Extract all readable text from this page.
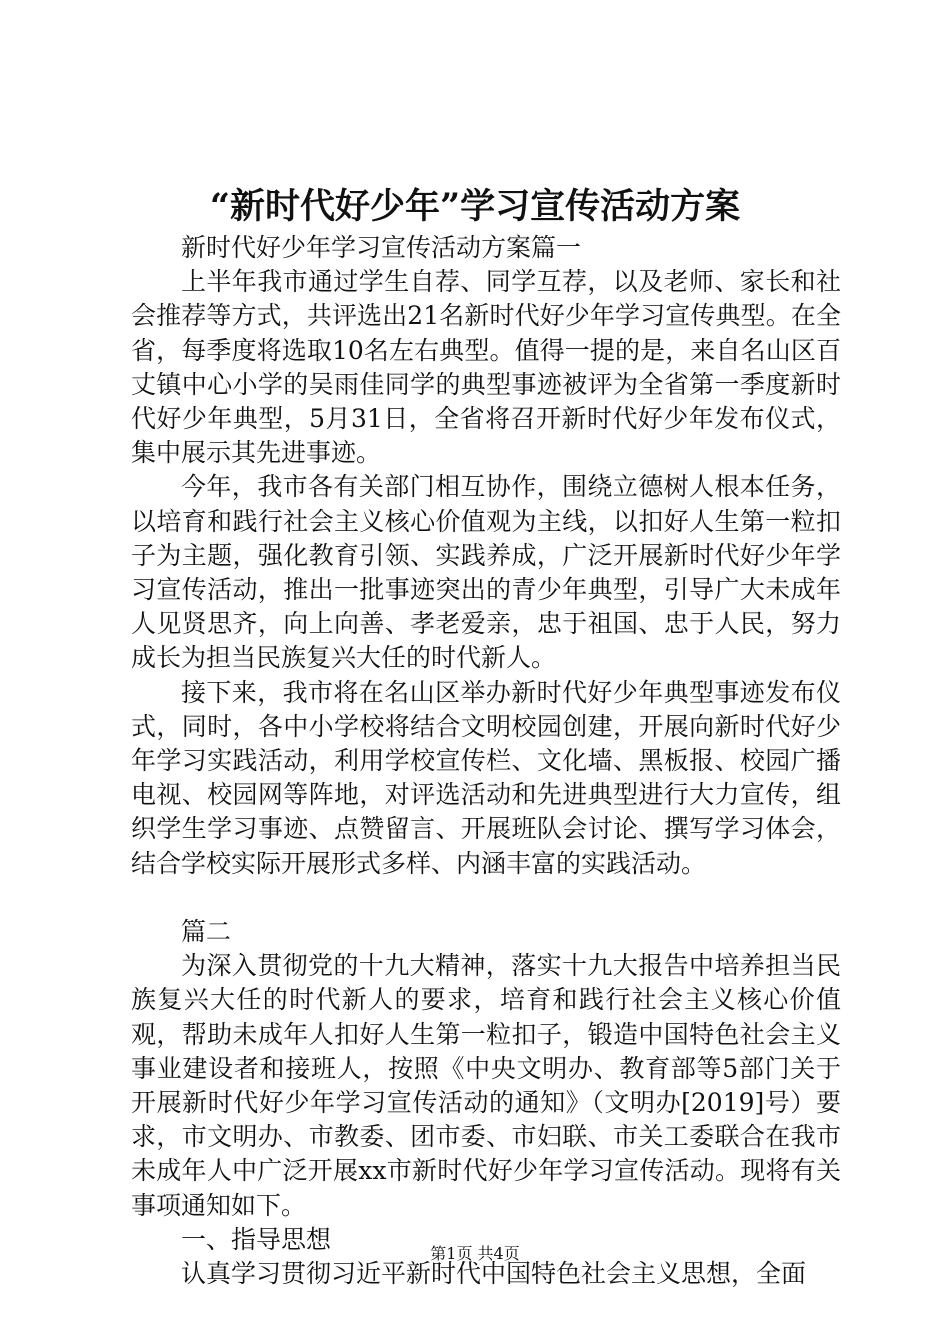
“新时代好少年”学习宣传活动方案

新时代好少年学习宣传活动方案篇一

上半年我市通过学生自荐、同学互荐，以及老师、家长和社会推荐等方式，共评选出21名新时代好少年学习宣传典型。在全省，每季度将选取10名左右典型。值得一提的是，来自名山区百丈镇中心小学的吴雨佳同学的典型事迹被评为全省第一季度新时代好少年典型，5月31日，全省将召开新时代好少年发布仪式，集中展示其先进事迹。

今年，我市各有关部门相互协作，围绕立德树人根本任务，以培育和践行社会主义核心价值观为主线，以扣好人生第一粒扣子为主题，强化教育引领、实践养成，广泛开展新时代好少年学习宣传活动，推出一批事迹突出的青少年典型，引导广大未成年人见贤思齐，向上向善、孝老爱亲，忠于祖国、忠于人民，努力成长为担当民族复兴大任的时代新人。

接下来，我市将在名山区举办新时代好少年典型事迹发布仪式，同时，各中小学校将结合文明校园创建，开展向新时代好少年学习实践活动，利用学校宣传栏、文化墙、黑板报、校园广播电视、校园网等阵地，对评选活动和先进典型进行大力宣传，组织学生学习事迹、点赞留言、开展班队会讨论、撰写学习体会，结合学校实际开展形式多样、内涵丰富的实践活动。

篇二

为深入贯彻党的十九大精神，落实十九大报告中培养担当民族复兴大任的时代新人的要求，培育和践行社会主义核心价值观，帮助未成年人扣好人生第一粒扣子，锻造中国特色社会主义事业建设者和接班人，按照《中央文明办、教育部等5部门关于开展新时代好少年学习宣传活动的通知》（文明办[2019]号）要求，市文明办、市教委、团市委、市妇联、市关工委联合在我市未成年人中广泛开展xx市新时代好少年学习宣传活动。现将有关事项通知如下。

一、指导思想

认真学习贯彻习近平新时代中国特色社会主义思想，全面

第1页 共4页
